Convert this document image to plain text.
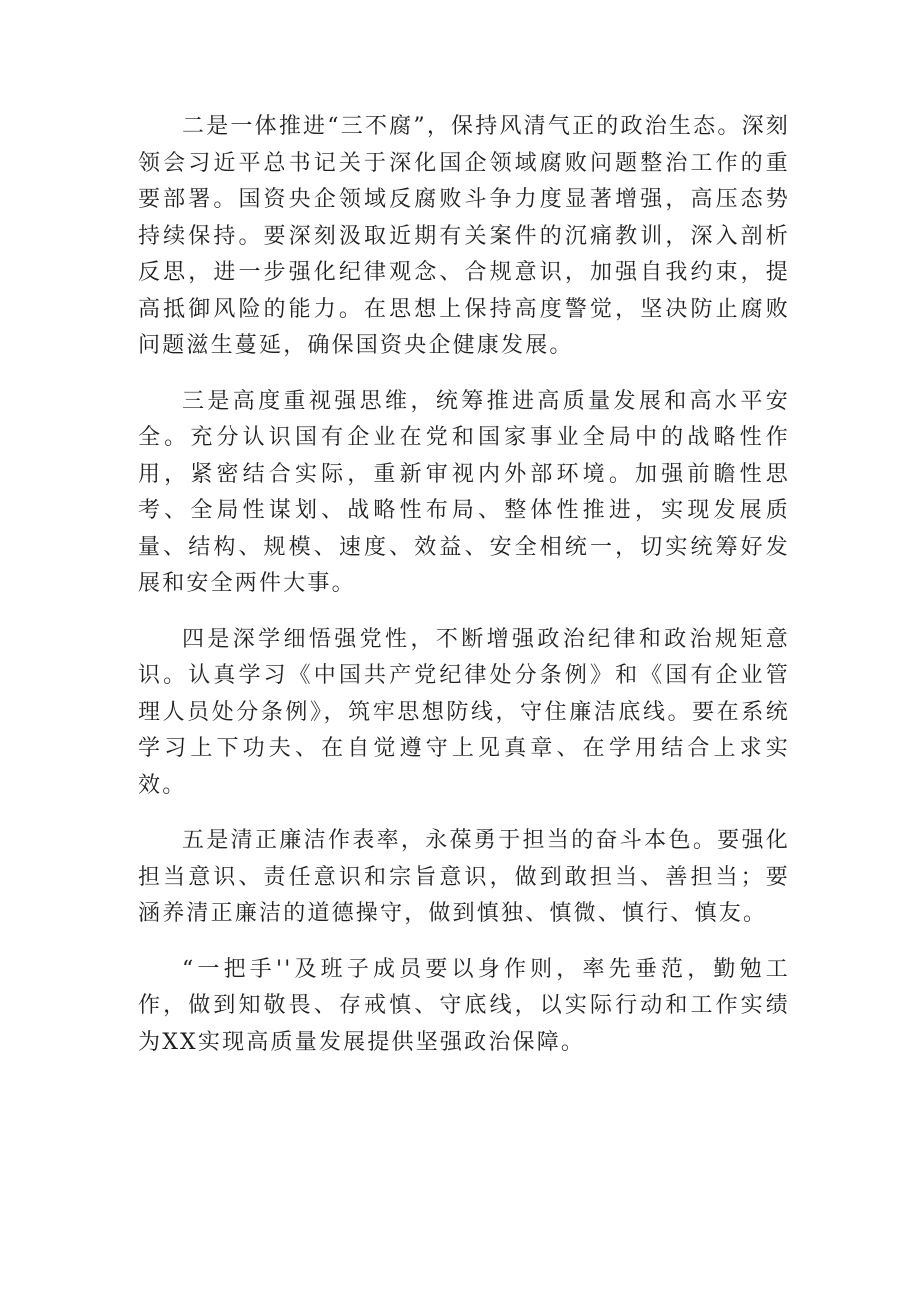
二是一体推进“三不腐”，保持风清气正的政治生态。深刻领会习近平总书记关于深化国企领域腐败问题整治工作的重要部署。国资央企领域反腐败斗争力度显著增强，高压态势持续保持。要深刻汲取近期有关案件的沉痛教训，深入剖析反思，进一步强化纪律观念、合规意识，加强自我约束，提高抵御风险的能力。在思想上保持高度警觉，坚决防止腐败问题滋生蔓延，确保国资央企健康发展。

三是高度重视强思维，统筹推进高质量发展和高水平安全。充分认识国有企业在党和国家事业全局中的战略性作用，紧密结合实际，重新审视内外部环境。加强前瞻性思考、全局性谋划、战略性布局、整体性推进，实现发展质量、结构、规模、速度、效益、安全相统一，切实统筹好发展和安全两件大事。

四是深学细悟强党性，不断增强政治纪律和政治规矩意识。认真学习《中国共产党纪律处分条例》和《国有企业管理人员处分条例》，筑牢思想防线，守住廉洁底线。要在系统学习上下功夫、在自觉遵守上见真章、在学用结合上求实效。

五是清正廉洁作表率，永葆勇于担当的奋斗本色。要强化担当意识、责任意识和宗旨意识，做到敢担当、善担当；要涵养清正廉洁的道德操守，做到慎独、慎微、慎行、慎友。

“一把手''及班子成员要以身作则，率先垂范，勤勉工作，做到知敬畏、存戒慎、守底线，以实际行动和工作实绩为XX实现高质量发展提供坚强政治保障。
